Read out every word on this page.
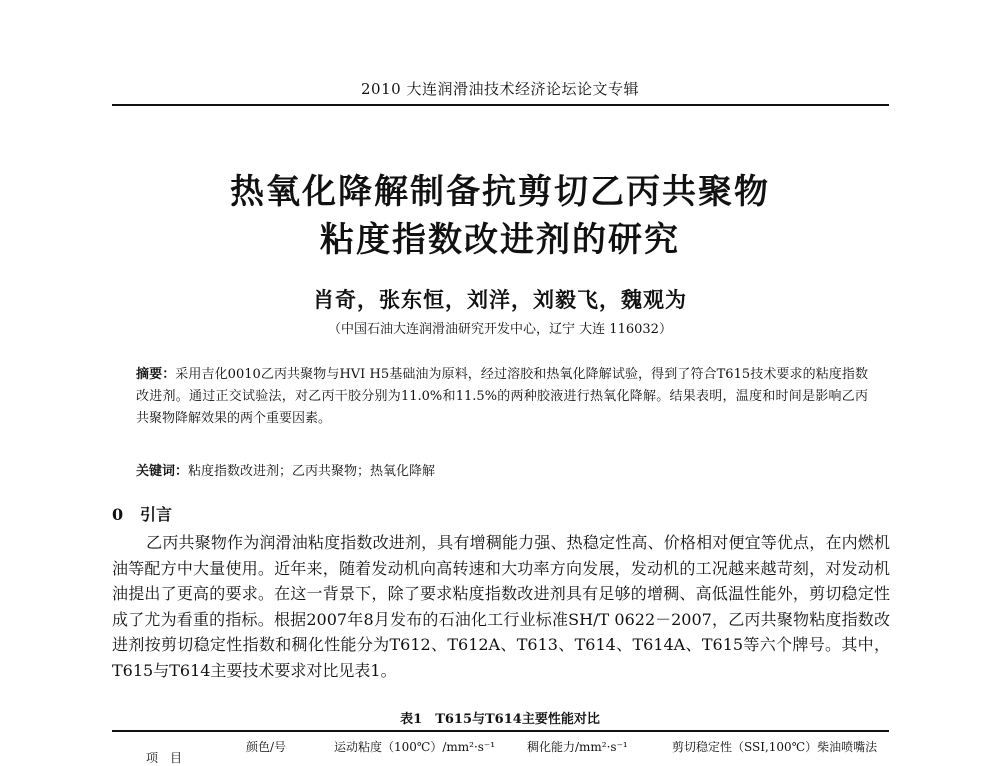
2010 大连润滑油技术经济论坛论文专辑
热氧化降解制备抗剪切乙丙共聚物
粘度指数改进剂的研究
肖奇，张东恒，刘洋，刘毅飞，魏观为
（中国石油大连润滑油研究开发中心，辽宁 大连 116032）
摘要：采用吉化0010乙丙共聚物与HVI H5基础油为原料，经过溶胶和热氧化降解试验，得到了符合T615技术要求的粘度指数改进剂。通过正交试验法，对乙丙干胶分别为11.0%和11.5%的两种胶液进行热氧化降解。结果表明，温度和时间是影响乙丙共聚物降解效果的两个重要因素。
关键词：粘度指数改进剂；乙丙共聚物；热氧化降解
0 引言
乙丙共聚物作为润滑油粘度指数改进剂，具有增稠能力强、热稳定性高、价格相对便宜等优点，在内燃机油等配方中大量使用。近年来，随着发动机向高转速和大功率方向发展，发动机的工况越来越苛刻，对发动机油提出了更高的要求。在这一背景下，除了要求粘度指数改进剂具有足够的增稠、高低温性能外，剪切稳定性成了尤为看重的指标。根据2007年8月发布的石油化工行业标准SH/T 0622－2007，乙丙共聚物粘度指数改进剂按剪切稳定性指数和稠化性能分为T612、T612A、T613、T614、T614A、T615等六个牌号。其中，T615与T614主要技术要求对比见表1。
表1　T615与T614主要性能对比
项　目
颜色/号	运动粘度（100℃）/mm²·s⁻¹	稠化能力/mm²·s⁻¹	剪切稳定性（SSI,100℃）柴油喷嘴法
